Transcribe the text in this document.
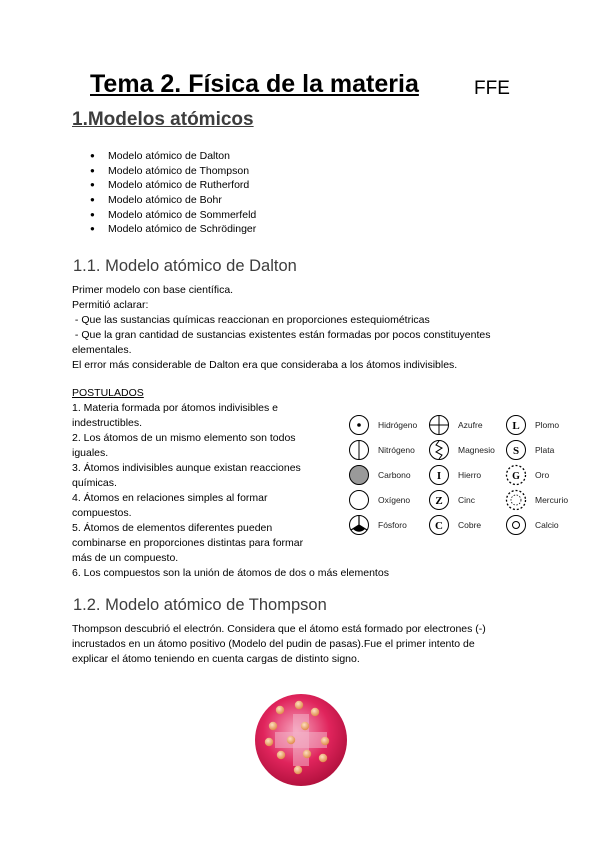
Tema 2. Física de la materia	FFE
1.Modelos atómicos
● Modelo atómico de Dalton
● Modelo atómico de Thompson
● Modelo atómico de Rutherford
● Modelo atómico de Bohr
● Modelo atómico de Sommerfeld
● Modelo atómico de Schrödinger
1.1. Modelo atómico de Dalton
Primer modelo con base científica.
Permitió aclarar:
- Que las sustancias químicas reaccionan en proporciones estequiométricas
- Que la gran cantidad de sustancias existentes están formadas por pocos constituyentes
elementales.
El error más considerable de Dalton era que consideraba a los átomos indivisibles.
POSTULADOS
1. Materia formada por átomos indivisibles e
indestructibles.
2. Los átomos de un mismo elemento son todos
iguales.
3. Átomos indivisibles aunque existan reacciones
químicas.
4. Átomos en relaciones simples al formar
compuestos.
5. Átomos de elementos diferentes pueden
combinarse en proporciones distintas para formar
más de un compuesto.
6. Los compuestos son la unión de átomos de dos o más elementos
Hidrógeno
Nitrógeno
Carbono
Oxígeno
Fósforo
Azufre
Magnesio
I Hierro
Z Cinc
C Cobre
L Plomo
S Plata
G Oro
Mercurio
Calcio
1.2. Modelo atómico de Thompson
Thompson descubrió el electrón. Considera que el átomo está formado por electrones (-)
incrustados en un átomo positivo (Modelo del pudin de pasas).Fue el primer intento de
explicar el átomo teniendo en cuenta cargas de distinto signo.
